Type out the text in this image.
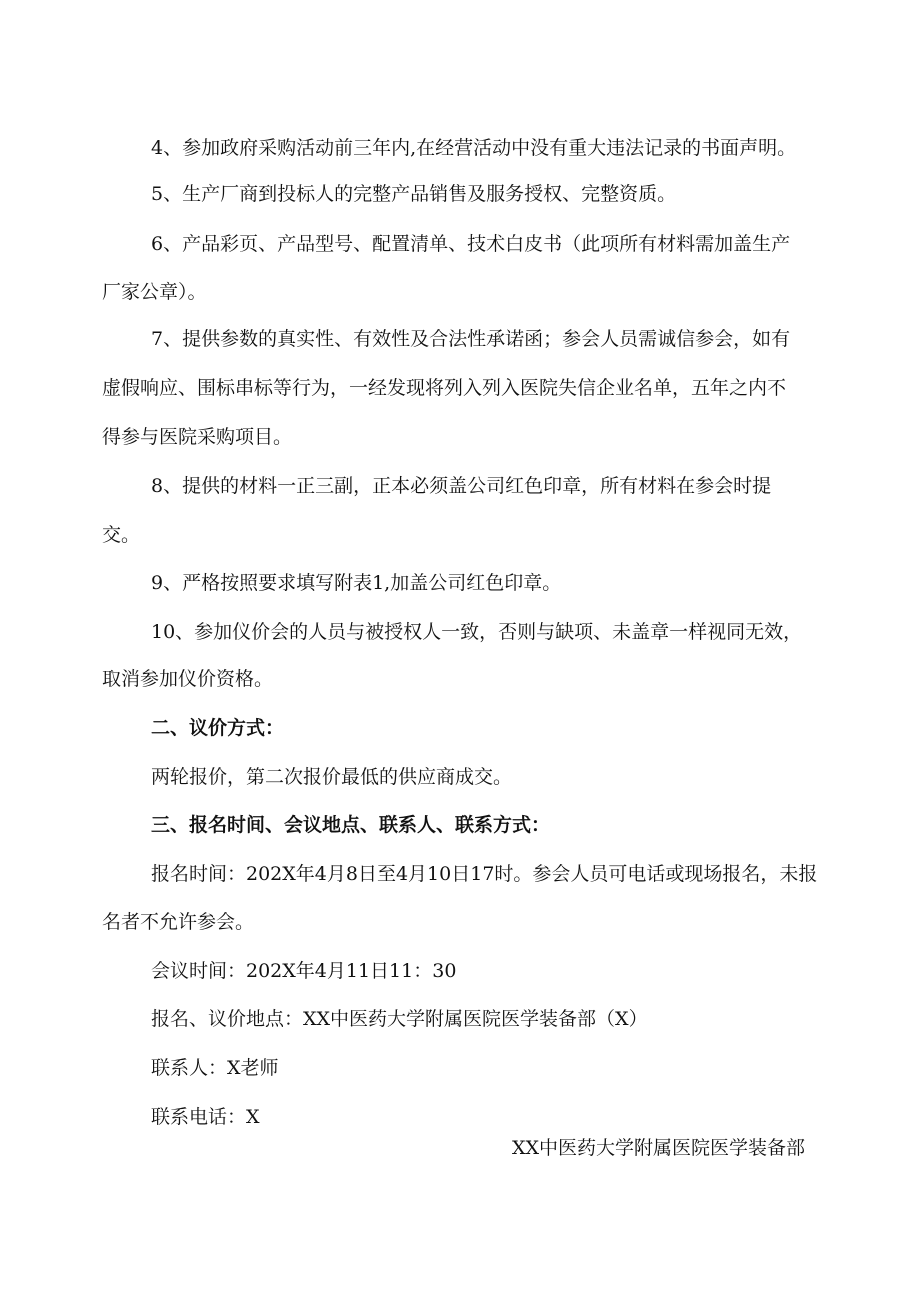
4、参加政府采购活动前三年内,在经营活动中没有重大违法记录的书面声明。

5、生产厂商到投标人的完整产品销售及服务授权、完整资质。

6、产品彩页、产品型号、配置清单、技术白皮书（此项所有材料需加盖生产

厂家公章）。

7、提供参数的真实性、有效性及合法性承诺函；参会人员需诚信参会，如有

虚假响应、围标串标等行为，一经发现将列入列入医院失信企业名单，五年之内不

得参与医院采购项目。

8、提供的材料一正三副，正本必须盖公司红色印章，所有材料在参会时提

交。

9、严格按照要求填写附表1,加盖公司红色印章。

10、参加仪价会的人员与被授权人一致，否则与缺项、未盖章一样视同无效，

取消参加仪价资格。

二、议价方式：

两轮报价，第二次报价最低的供应商成交。

三、报名时间、会议地点、联系人、联系方式：

报名时间：202X年4月8日至4月10日17时。参会人员可电话或现场报名，未报

名者不允许参会。

会议时间：202X年4月11日11：30

报名、议价地点：XX中医药大学附属医院医学装备部（X）

联系人：X老师

联系电话：X

XX中医药大学附属医院医学装备部
